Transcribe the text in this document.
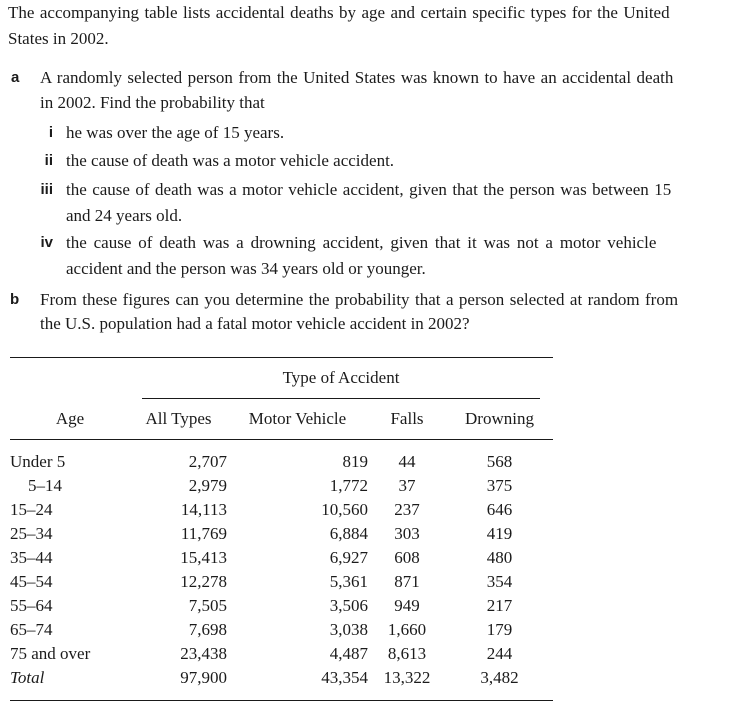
The accompanying table lists accidental deaths by age and certain specific types for the United
States in 2002.
a A randomly selected person from the United States was known to have an accidental death
in 2002. Find the probability that
i he was over the age of 15 years.
ii the cause of death was a motor vehicle accident.
iii the cause of death was a motor vehicle accident, given that the person was between 15
and 24 years old.
iv the cause of death was a drowning accident, given that it was not a motor vehicle
accident and the person was 34 years old or younger.
b From these figures can you determine the probability that a person selected at random from
the U.S. population had a fatal motor vehicle accident in 2002?

Type of Accident			

Age	All Types	Motor Vehicle	Falls	Drowning
Under 5	2,707	819	44	568
5–14	2,979	1,772	37	375
15–24	14,113	10,560	237	646
25–34	11,769	6,884	303	419
35–44	15,413	6,927	608	480
45–54	12,278	5,361	871	354
55–64	7,505	3,506	949	217
65–74	7,698	3,038	1,660	179
75 and over	23,438	4,487	8,613	244
Total	97,900	43,354	13,322	3,482
